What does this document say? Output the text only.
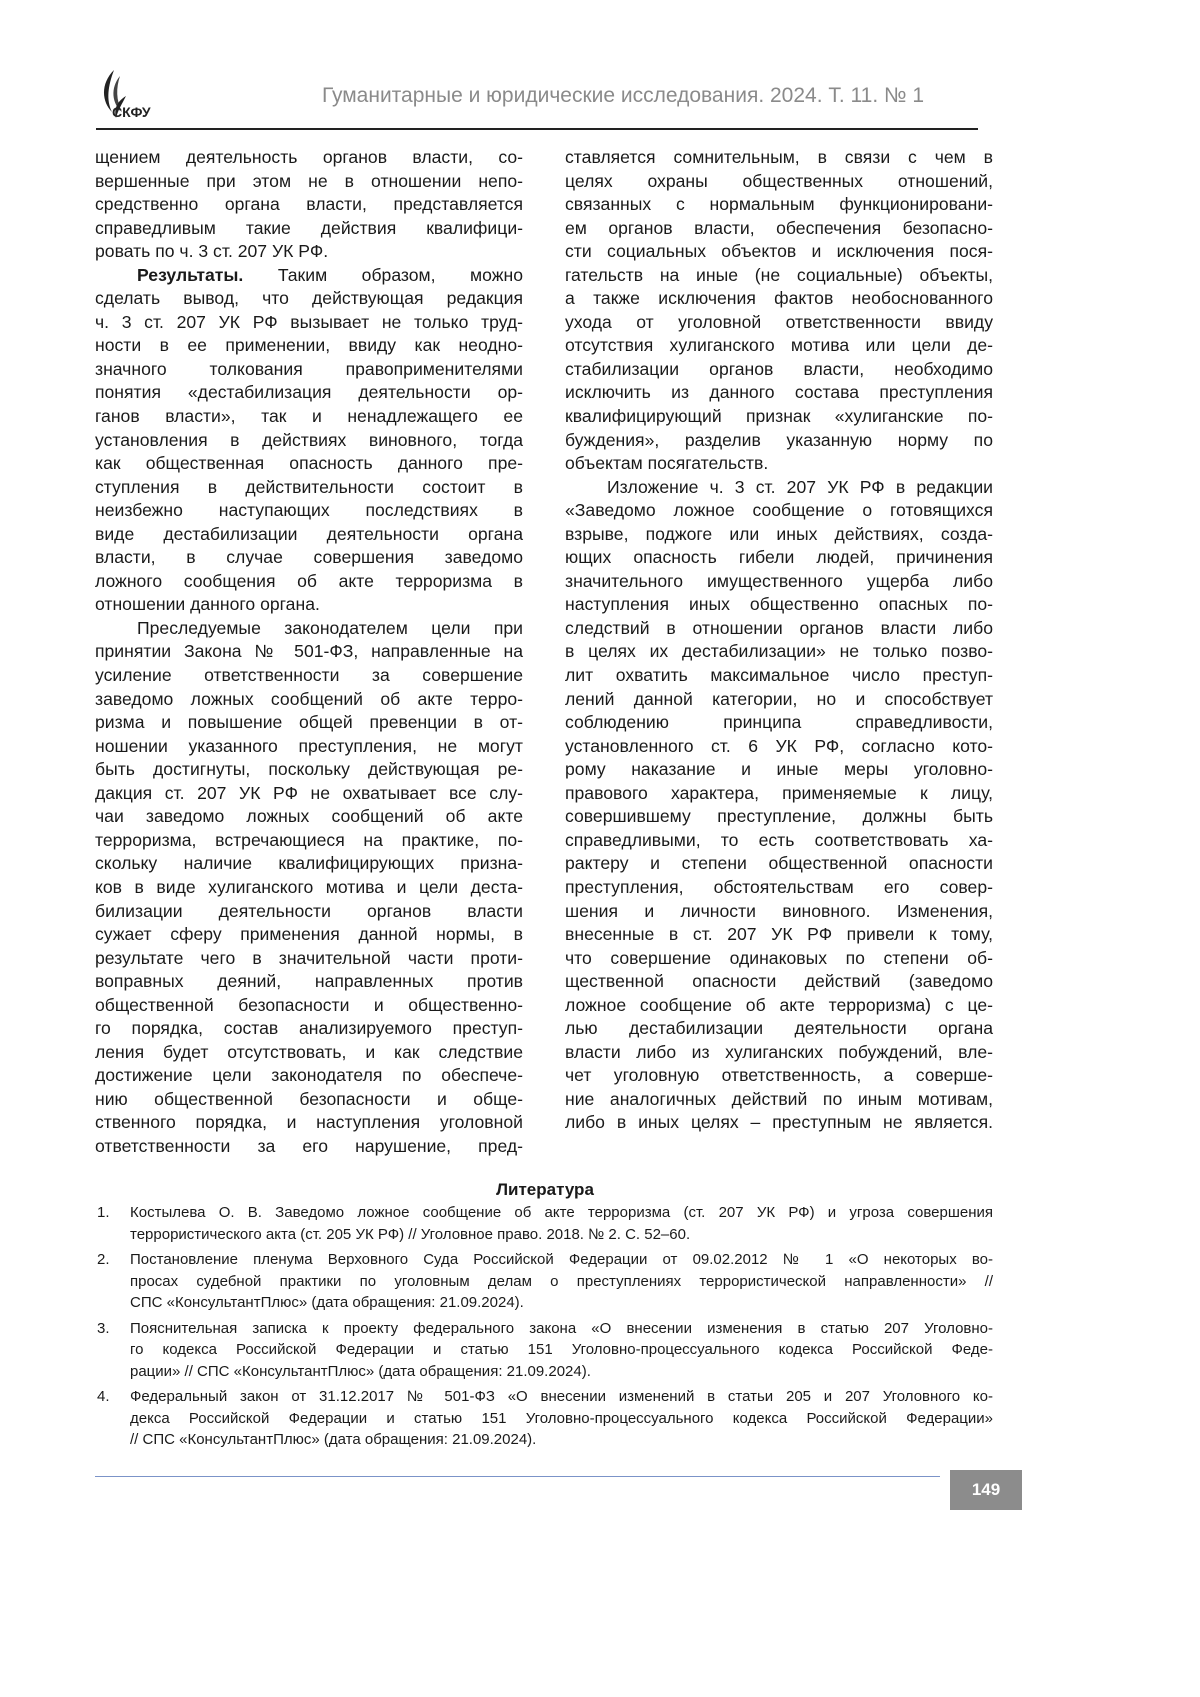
СКФУ
Гуманитарные и юридические исследования. 2024. Т. 11. № 1
щением деятельность органов власти, со-
вершенные при этом не в отношении непо-
средственно органа власти, представляется
справедливым такие действия квалифици-
ровать по ч. 3 ст. 207 УК РФ.
Результаты. Таким образом, можно
сделать вывод, что действующая редакция
ч. 3 ст. 207 УК РФ вызывает не только труд-
ности в ее применении, ввиду как неодно-
значного толкования правоприменителями
понятия «дестабилизация деятельности ор-
ганов власти», так и ненадлежащего ее
установления в действиях виновного, тогда
как общественная опасность данного пре-
ступления в действительности состоит в
неизбежно наступающих последствиях в
виде дестабилизации деятельности органа
власти, в случае совершения заведомо
ложного сообщения об акте терроризма в
отношении данного органа.
Преследуемые законодателем цели при
принятии Закона № 501-ФЗ, направленные на
усиление ответственности за совершение
заведомо ложных сообщений об акте терро-
ризма и повышение общей превенции в от-
ношении указанного преступления, не могут
быть достигнуты, поскольку действующая ре-
дакция ст. 207 УК РФ не охватывает все слу-
чаи заведомо ложных сообщений об акте
терроризма, встречающиеся на практике, по-
скольку наличие квалифицирующих призна-
ков в виде хулиганского мотива и цели деста-
билизации деятельности органов власти
сужает сферу применения данной нормы, в
результате чего в значительной части проти-
воправных деяний, направленных против
общественной безопасности и общественно-
го порядка, состав анализируемого преступ-
ления будет отсутствовать, и как следствие
достижение цели законодателя по обеспече-
нию общественной безопасности и обще-
ственного порядка, и наступления уголовной
ответственности за его нарушение, пред-
ставляется сомнительным, в связи с чем в
целях охраны общественных отношений,
связанных с нормальным функционировани-
ем органов власти, обеспечения безопасно-
сти социальных объектов и исключения пося-
гательств на иные (не социальные) объекты,
а также исключения фактов необоснованного
ухода от уголовной ответственности ввиду
отсутствия хулиганского мотива или цели де-
стабилизации органов власти, необходимо
исключить из данного состава преступления
квалифицирующий признак «хулиганские по-
буждения», разделив указанную норму по
объектам посягательств.
Изложение ч. 3 ст. 207 УК РФ в редакции
«Заведомо ложное сообщение о готовящихся
взрыве, поджоге или иных действиях, созда-
ющих опасность гибели людей, причинения
значительного имущественного ущерба либо
наступления иных общественно опасных по-
следствий в отношении органов власти либо
в целях их дестабилизации» не только позво-
лит охватить максимальное число преступ-
лений данной категории, но и способствует
соблюдению принципа справедливости,
установленного ст. 6 УК РФ, согласно кото-
рому наказание и иные меры уголовно-
правового характера, применяемые к лицу,
совершившему преступление, должны быть
справедливыми, то есть соответствовать ха-
рактеру и степени общественной опасности
преступления, обстоятельствам его совер-
шения и личности виновного. Изменения,
внесенные в ст. 207 УК РФ привели к тому,
что совершение одинаковых по степени об-
щественной опасности действий (заведомо
ложное сообщение об акте терроризма) с це-
лью дестабилизации деятельности органа
власти либо из хулиганских побуждений, вле-
чет уголовную ответственность, а соверше-
ние аналогичных действий по иным мотивам,
либо в иных целях – преступным не является.
Литература
1. Костылева О. В. Заведомо ложное сообщение об акте терроризма (ст. 207 УК РФ) и угроза совершения
террористического акта (ст. 205 УК РФ) // Уголовное право. 2018. № 2. С. 52–60.
2. Постановление пленума Верховного Суда Российской Федерации от 09.02.2012 № 1 «О некоторых во-
просах судебной практики по уголовным делам о преступлениях террористической направленности» //
СПС «КонсультантПлюс» (дата обращения: 21.09.2024).
3. Пояснительная записка к проекту федерального закона «О внесении изменения в статью 207 Уголовно-
го кодекса Российской Федерации и статью 151 Уголовно-процессуального кодекса Российской Феде-
рации» // СПС «КонсультантПлюс» (дата обращения: 21.09.2024).
4. Федеральный закон от 31.12.2017 № 501-ФЗ «О внесении изменений в статьи 205 и 207 Уголовного ко-
декса Российской Федерации и статью 151 Уголовно-процессуального кодекса Российской Федерации»
// СПС «КонсультантПлюс» (дата обращения: 21.09.2024).
149
